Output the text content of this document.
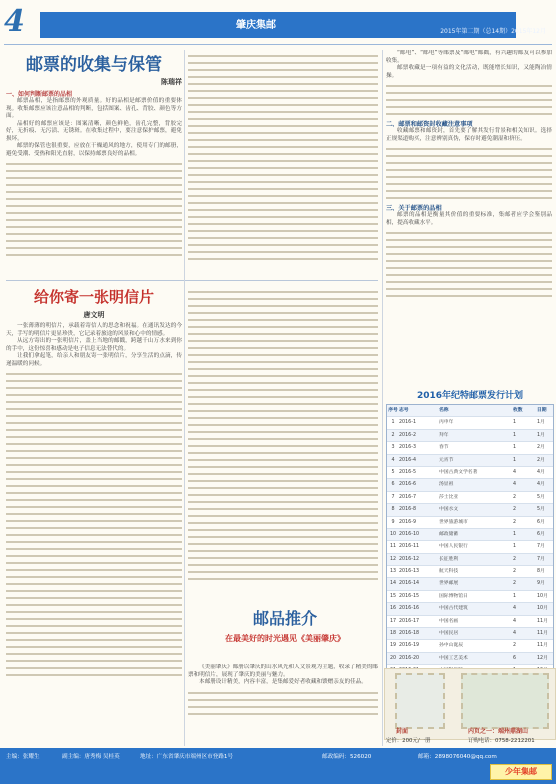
4	肇庆集邮
2015年第二期（总14期）2015年12月
邮票的收集与保管
陈瑞祥
一、如何判断邮票的品相

邮票品相，是指邮票的外观质量。好的品相是邮票价值的重要体现。收集邮票应该注意品相的判断，包括图案、齿孔、背胶、颜色等方面。

品相好的邮票应该是：图案清晰，颜色鲜艳，齿孔完整，背胶完好，无折痕、无污渍、无锈斑。在收集过程中，要注意保护邮票，避免损坏。

邮票的保管也很重要，应放在干燥通风的地方，使用专门的邮册，避免受潮、受热和阳光直射，以保持邮票良好的品相。

“邮电”、“邮电”等邮票及“邮电”邮戳，有兴趣的邮友可以参加收集。

邮票收藏是一项有益的文化活动，既能增长知识，又能陶冶情操。

二、邮票和邮资封收藏注意事项
收藏邮票和邮资封，首先要了解其发行背景和相关知识。选择正规渠道购买，注意辨别真伪，保存时避免潮湿和挤压。
三、关于邮票的品相
邮票的品相是衡量其价值的重要标准，集邮者应学会鉴别品相，提高收藏水平。
给你寄一张明信片
唐文明

一张薄薄的明信片，承载着寄信人的思念和祝福。在通讯发达的今天，手写的明信片更显珍贵，它记录着旅途的风景和心中的情感。

从远方寄出的一张明信片，盖上当地的邮戳，跨越千山万水来到你的手中，这份惊喜和感动是电子信息无法替代的。

让我们拿起笔，给亲人和朋友寄一张明信片，分享生活的点滴，传递温暖的问候。

邮品推介
在最美好的时光遇见《美丽肇庆》

《美丽肇庆》邮册以肇庆的山水风光和人文景观为主题，收录了精美的邮票和明信片，展现了肇庆的美丽与魅力。

本邮册设计精美，内容丰富，是集邮爱好者收藏和馈赠亲友的佳品。

2016年纪特邮票发行计划
序号 志号	名称	枚数	日期
1 2016-1	丙申年	1	1月
2 2016-2	拜年	1	1月
3 2016-3	春节	1	2月
4 2016-4	元宵节	1	2月
5 2016-5	中国古典文学名著	4	4月
6 2016-6	汤显祖	4	4月
7 2016-7	莎士比亚	2	5月
8 2016-8	中国水文	2	5月
9 2016-9	世界旅游城市	2	6月
10 2016-10	邮政储蓄	1	6月
11 2016-11	中国人民银行	1	7月
12 2016-12	长征胜利	2	7月
13 2016-13	航天科技	2	8月
14 2016-14	世界邮展	2	9月
15 2016-15	国际博物馆日	1	10月
16 2016-16	中国古代建筑	4	10月
17 2016-17	中国名画	4	11月
18 2016-18	中国民居	4	11月
19 2016-19	孙中山诞辰	2	11月
20 2016-20	中国工艺美术	6	12月
封面	内页之一：端州鼎湖山
定价：200元/一册	订购电话：0758-2212201
主编：张耀生	副主编：唐秀梅 吴桂英	地址：广东省肇庆市端州区市登路1号	邮政编码：526020	邮箱：2898076040@qq.com
少年集邮
